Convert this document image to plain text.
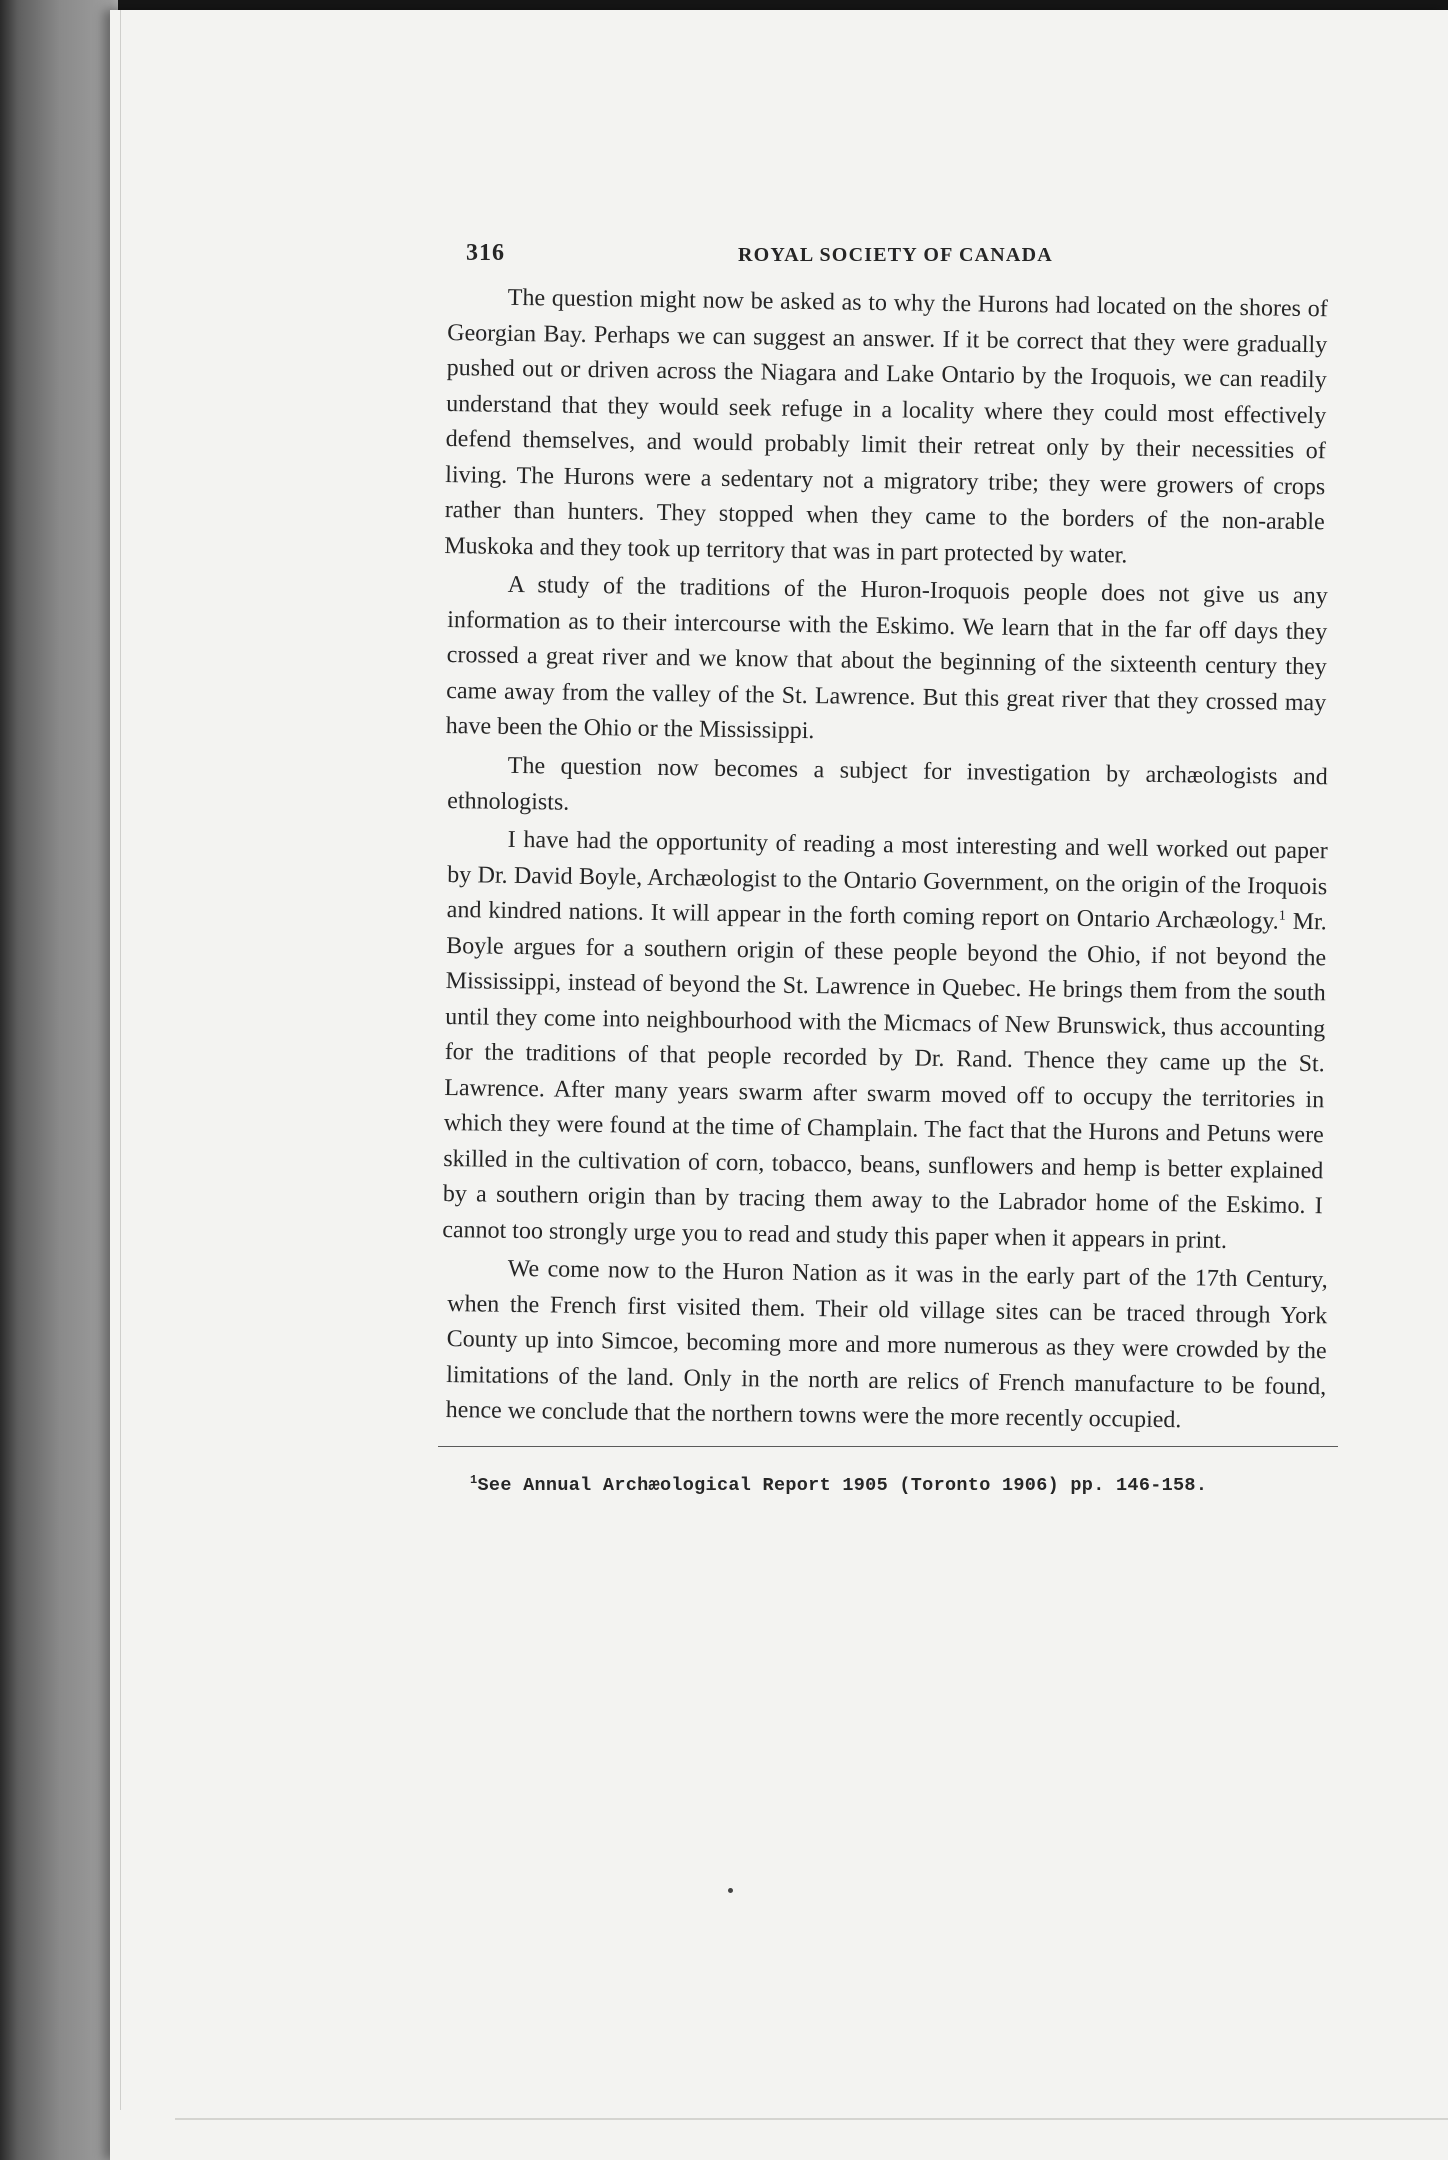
316	ROYAL SOCIETY OF CANADA

The question might now be asked as to why the Hurons had located on the shores of Georgian Bay. Perhaps we can suggest an answer. If it be correct that they were gradually pushed out or driven across the Niagara and Lake Ontario by the Iroquois, we can readily understand that they would seek refuge in a locality where they could most effectively defend themselves, and would probably limit their retreat only by their necessities of living. The Hurons were a sedentary not a migratory tribe; they were growers of crops rather than hunters. They stopped when they came to the borders of the non-arable Muskoka and they took up territory that was in part protected by water.

A study of the traditions of the Huron-Iroquois people does not give us any information as to their intercourse with the Eskimo. We learn that in the far off days they crossed a great river and we know that about the beginning of the sixteenth century they came away from the valley of the St. Lawrence. But this great river that they crossed may have been the Ohio or the Mississippi.

The question now becomes a subject for investigation by archæologists and ethnologists.

I have had the opportunity of reading a most interesting and well worked out paper by Dr. David Boyle, Archæologist to the Ontario Government, on the origin of the Iroquois and kindred nations. It will appear in the forth coming report on Ontario Archæology.$^1$ Mr. Boyle argues for a southern origin of these people beyond the Ohio, if not beyond the Mississippi, instead of beyond the St. Lawrence in Quebec. He brings them from the south until they come into neighbourhood with the Micmacs of New Brunswick, thus accounting for the traditions of that people recorded by Dr. Rand. Thence they came up the St. Lawrence. After many years swarm after swarm moved off to occupy the territories in which they were found at the time of Champlain. The fact that the Hurons and Petuns were skilled in the cultivation of corn, tobacco, beans, sunflowers and hemp is better explained by a southern origin than by tracing them away to the Labrador home of the Eskimo. I cannot too strongly urge you to read and study this paper when it appears in print.

We come now to the Huron Nation as it was in the early part of the 17th Century, when the French first visited them. Their old village sites can be traced through York County up into Simcoe, becoming more and more numerous as they were crowded by the limitations of the land. Only in the north are relics of French manufacture to be found, hence we conclude that the northern towns were the more recently occupied.

$^1$See Annual Archæological Report 1905 (Toronto 1906) pp. 146-158.
